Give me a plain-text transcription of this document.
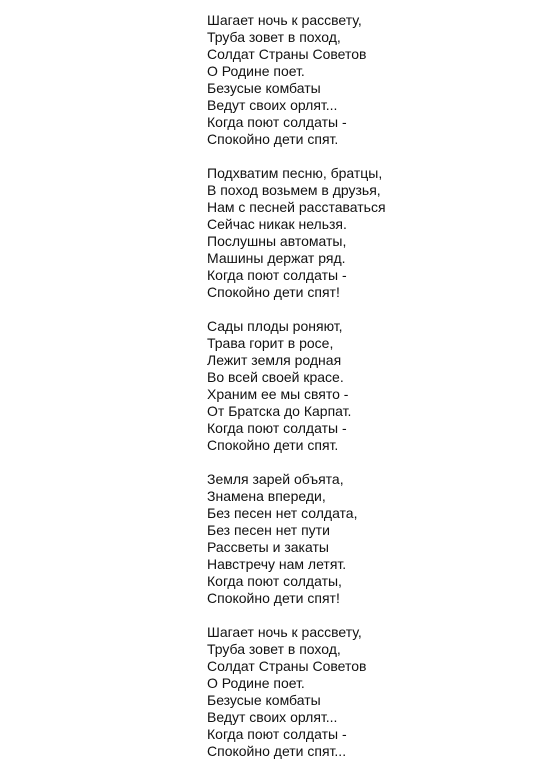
Шагает ночь к рассвету,
Труба зовет в поход,
Солдат Страны Советов
О Родине поет.
Безусые комбаты
Ведут своих орлят...
Когда поют солдаты -
Спокойно дети спят.
Подхватим песню, братцы,
В поход возьмем в друзья,
Нам с песней расставаться
Сейчас никак нельзя.
Послушны автоматы,
Машины держат ряд.
Когда поют солдаты -
Спокойно дети спят!
Сады плоды роняют,
Трава горит в росе,
Лежит земля родная
Во всей своей красе.
Храним ее мы свято -
От Братска до Карпат.
Когда поют солдаты -
Спокойно дети спят.
Земля зарей объята,
Знамена впереди,
Без песен нет солдата,
Без песен нет пути
Рассветы и закаты
Навстречу нам летят.
Когда поют солдаты,
Спокойно дети спят!
Шагает ночь к рассвету,
Труба зовет в поход,
Солдат Страны Советов
О Родине поет.
Безусые комбаты
Ведут своих орлят...
Когда поют солдаты -
Спокойно дети спят...
